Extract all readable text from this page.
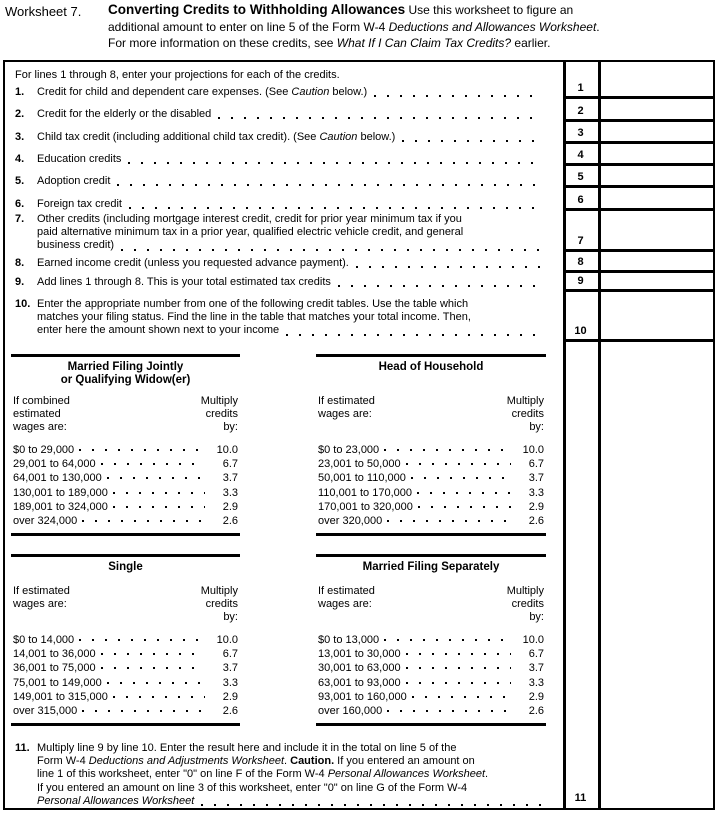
Worksheet 7.	Converting Credits to Withholding Allowances Use this worksheet to figure an
additional amount to enter on line 5 of the Form W-4 Deductions and Allowances Worksheet.
For more information on these credits, see What If I Can Claim Tax Credits? earlier.
1
2
3
4
5
6
7
8
9
10
11
For lines 1 through 8, enter your projections for each of the credits.
1.	Credit for child and dependent care expenses. (See Caution below.)
2.	Credit for the elderly or the disabled
3.	Child tax credit (including additional child tax credit). (See Caution below.)
4.	Education credits
5.	Adoption credit
6.	Foreign tax credit
7.	Other credits (including mortgage interest credit, credit for prior year minimum tax if you
paid alternative minimum tax in a prior year, qualified electric vehicle credit, and general
business credit)
8.	Earned income credit (unless you requested advance payment).
9.	Add lines 1 through 8. This is your total estimated tax credits
10. Enter the appropriate number from one of the following credit tables. Use the table which
matches your filing status. Find the line in the table that matches your total income. Then,
enter here the amount shown next to your income
11. Multiply line 9 by line 10. Enter the result here and include it in the total on line 5 of the
Form W-4 Deductions and Adjustments Worksheet. Caution. If you entered an amount on
line 1 of this worksheet, enter "0" on line F of the Form W-4 Personal Allowances Worksheet.
If you entered an amount on line 3 of this worksheet, enter "0" on line G of the Form W-4
Personal Allowances Worksheet
Married Filing Jointly
or Qualifying Widow(er)
If combined
estimated
wages are:
Multiply
credits
by:
$0 to 29,000	10.0
29,001 to 64,000	6.7
64,001 to 130,000	3.7
130,001 to 189,000	3.3
189,001 to 324,000	2.9
over 324,000	2.6
Head of Household
If estimated
wages are:
Multiply
credits
by:
$0 to 23,000	10.0
23,001 to 50,000	6.7
50,001 to 110,000	3.7
110,001 to 170,000	3.3
170,001 to 320,000	2.9
over 320,000	2.6
Single
If estimated
wages are:
Multiply
credits
by:
$0 to 14,000	10.0
14,001 to 36,000	6.7
36,001 to 75,000	3.7
75,001 to 149,000	3.3
149,001 to 315,000	2.9
over 315,000	2.6
Married Filing Separately
If estimated
wages are:
Multiply
credits
by:
$0 to 13,000	10.0
13,001 to 30,000	6.7
30,001 to 63,000	3.7
63,001 to 93,000	3.3
93,001 to 160,000	2.9
over 160,000	2.6
